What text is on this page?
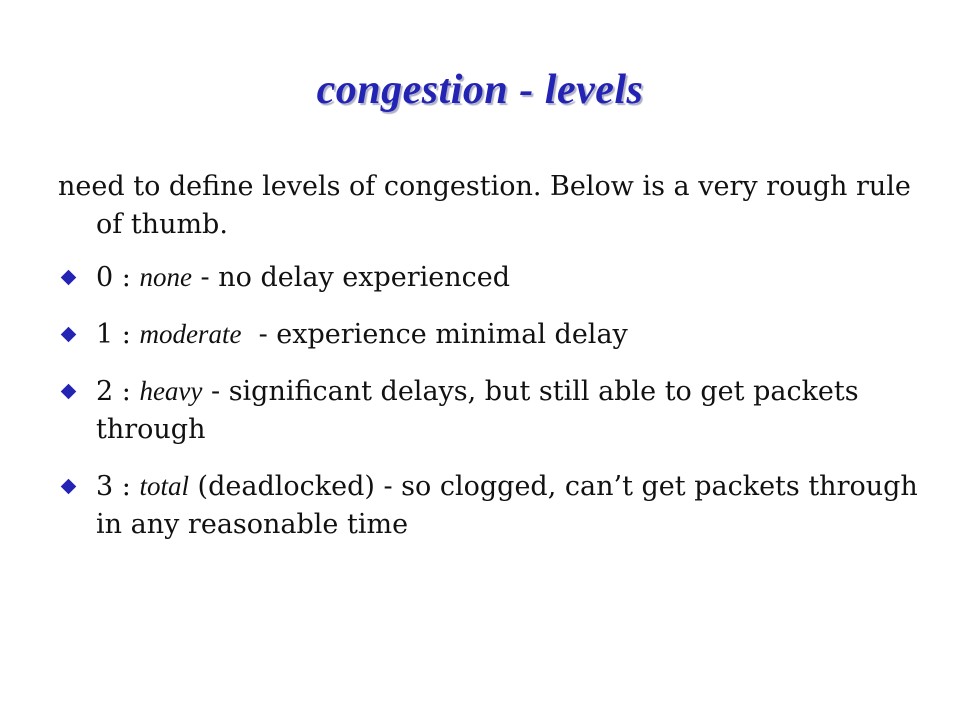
congestion - levels

need to define levels of congestion. Below is a very rough rule of thumb.

0 : none - no delay experienced
1 : moderate  - experience minimal delay
2 : heavy - significant delays, but still able to get packets through
3 : total (deadlocked) - so clogged, can’t get packets through in any reasonable time
